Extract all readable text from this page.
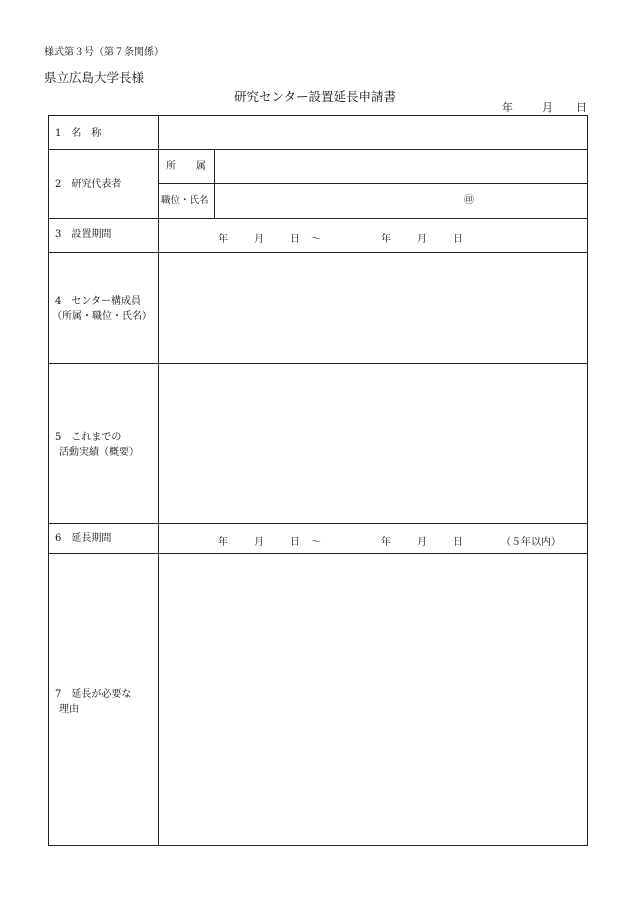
様式第３号（第７条関係）
県立広島大学長様
研究センター設置延長申請書
年	月 日
1　名　称
2　研究代表者
所　　属
職位・氏名	㊞
3　設置期間	年	月	日 ～	年	月	日
4　センター構成員
（所属・職位・氏名）
5　これまでの
活動実績（概要）
6　延長期間	年	月	日 ～	年	月	日	（５年以内）
7　延長が必要な
理由
